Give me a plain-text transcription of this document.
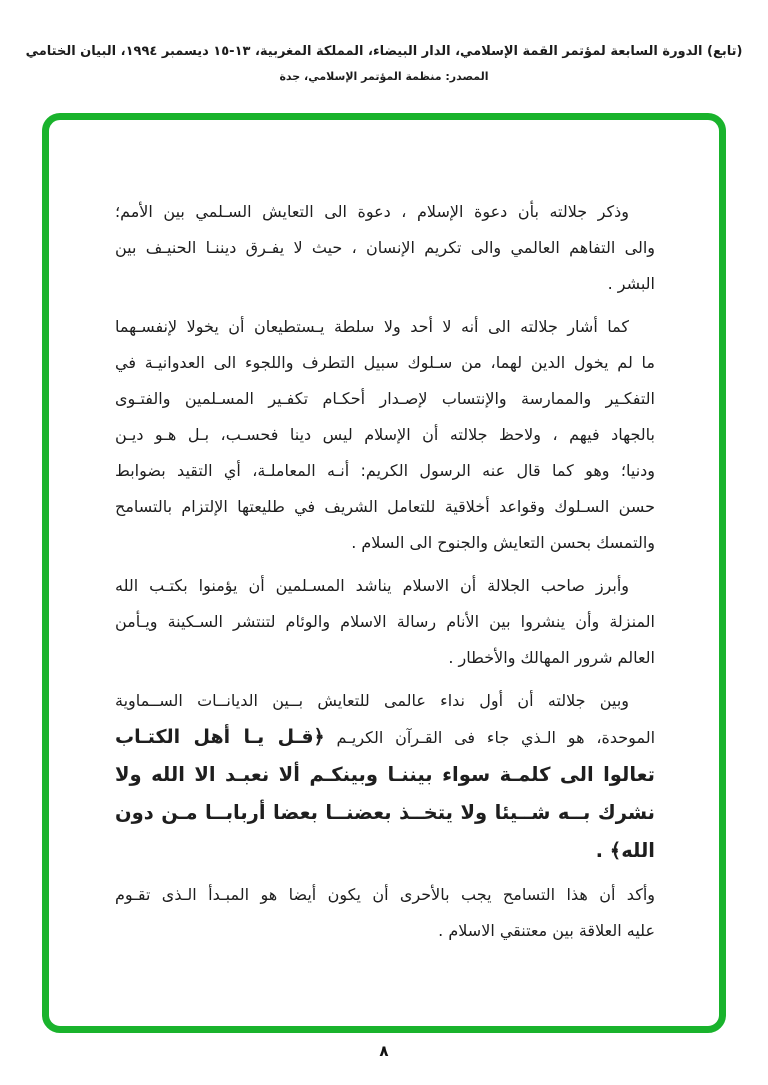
(تابع) الدورة السابعة لمؤتمر القمة الإسلامي، الدار البيضاء، المملكة المغربية، ١٣-١٥ ديسمبر ١٩٩٤، البيان الختامي
المصدر: منظمة المؤتمر الإسلامي، جدة
وذكر جلالته بأن دعوة الإسلام ، دعوة الى التعايش السـلمي بين الأمم؛
والى التفاهم العالمي والى تكريم الإنسان ، حيث لا يفـرق ديننـا الحنيـف بين
البشر .
كما أشار جلالته الى أنه لا أحد ولا سلطة يـستطيعان أن يخولا لإنفسـهما
ما لم يخول الدين لهما، من سـلوك سبيل التطرف واللجوء الى العدوانيـة في
التفكـير والممارسة والإنتساب لإصـدار أحكـام تكفـير المسـلمين والفتـوى
بالجهاد فيهم ، ولاحظ جلالته أن الإسلام ليس دينا فحسـب، بـل هـو ديـن
ودنيا؛ وهو كما قال عنه الرسول الكريم: أنـه المعاملـة، أي التقيد بضوابط
حسن السـلوك وقواعد أخلاقية للتعامل الشريف في طليعتها الإلتزام بالتسامح
والتمسك بحسن التعايش والجنوح الى السلام .
وأبرز صاحب الجلالة أن الاسلام يناشد المسـلمين أن يؤمنوا بكتـب الله
المنزلة وأن ينشروا بين الأنام رسالة الاسلام والوئام لتنتشر السـكينة ويـأمن
العالم شرور المهالك والأخطار .
وبين جلالته أن أول نداء عالمى للتعايش بــين الديانــات الســماوية
الموحدة، هو الـذي جاء فى القـرآن الكريـم ﴿قـل يـا أهل الكتـاب
تعالوا الى كلمـة سواء بيننـا وبينكـم ألا نعبـد الا الله ولا
نشرك بــه شــيئا ولا يتخــذ بعضنــا بعضا أربابــا مـن دون
الله﴾ .
وأكد أن هذا التسامح يجب بالأحرى أن يكون أيضا هو المبـدأ الـذى تقـوم
عليه العلاقة بين معتنقي الاسلام .
٨
